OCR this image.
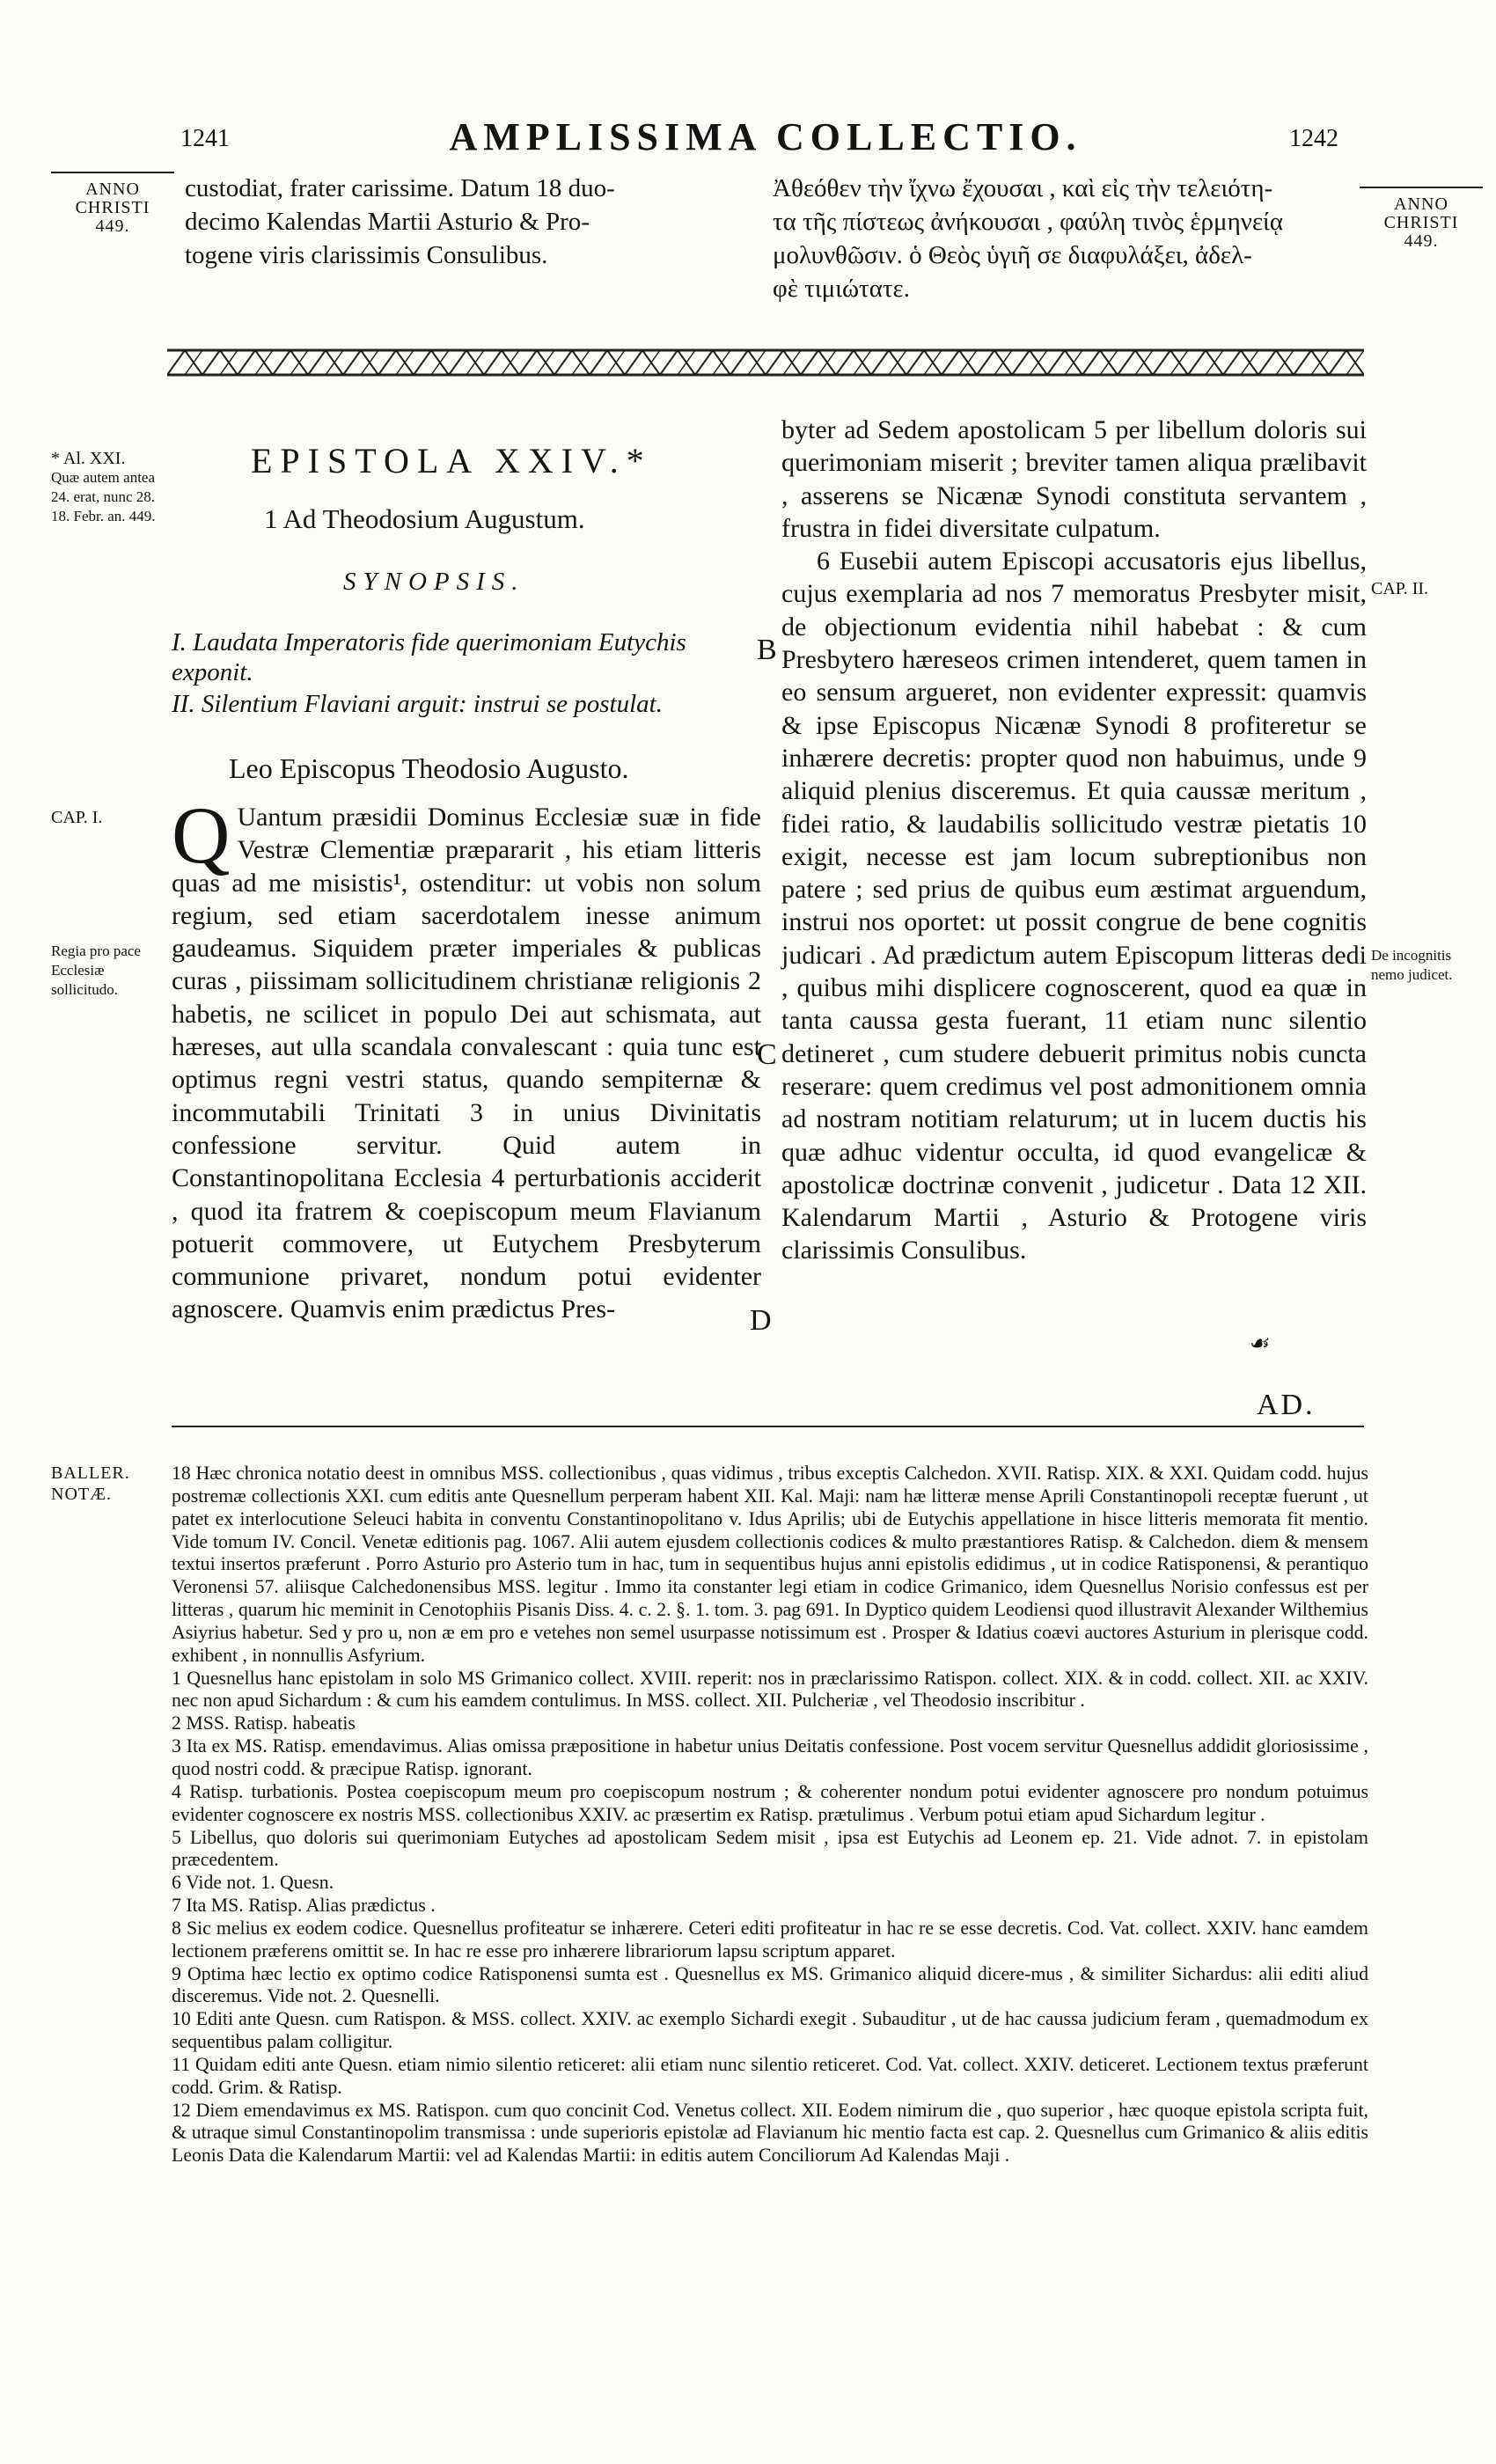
1241	AMPLISSIMA COLLECTIO.	1242
ANNO
CHRISTI
449.
ANNO
CHRISTI
449.
custodiat, frater carissime. Datum 18 duo-
decimo Kalendas Martii Asturio & Pro-
togene viris clarissimis Consulibus.
Ἀθεόθεν τὴν ἴχνω ἔχουσαι , καὶ εἰς τὴν τελειότη-
τα τῆς πίστεως ἀνήκουσαι , φαύλη τινὸς ἑρμηνείᾳ
μολυνθῶσιν. ὁ Θεὸς ὑγιῆ σε διαφυλάξει, ἀδελ-
φὲ τιμιώτατε.
EPISTOLA XXIV.*
1 Ad Theodosium Augustum.
SYNOPSIS.
I. Laudata Imperatoris fide querimoniam Eutychis exponit.
II. Silentium Flaviani arguit: instrui se postulat.
Leo Episcopus Theodosio Augusto.
Q Uantum præsidii Dominus Ecclesiæ suæ in fide Vestræ Clementiæ præpararit , his etiam litteris quas ad me misistis¹, ostenditur: ut vobis non solum regium, sed etiam sacerdotalem inesse animum gaudeamus. Siquidem præter imperiales & publicas curas , piissimam sollicitudinem christianæ religionis 2 habetis, ne scilicet in populo Dei aut schismata, aut hæreses, aut ulla scandala convalescant : quia tunc est optimus regni vestri status, quando sempiternæ & incommutabili Trinitati 3 in unius Divinitatis confessione servitur. Quid autem in Constantinopolitana Ecclesia 4 perturbationis acciderit , quod ita fratrem & coepiscopum meum Flavianum potuerit commovere, ut Eutychem Presbyterum communione privaret, nondum potui evidenter agnoscere. Quamvis enim prædictus Pres-

byter ad Sedem apostolicam 5 per libellum doloris sui querimoniam miserit ; breviter tamen aliqua prælibavit , asserens se Nicænæ Synodi constituta servantem , frustra in fidei diversitate culpatum.

6 Eusebii autem Episcopi accusatoris ejus libellus, cujus exemplaria ad nos 7 memoratus Presbyter misit, de objectionum evidentia nihil habebat : & cum Presbytero hæreseos crimen intenderet, quem tamen in eo sensum argueret, non evidenter expressit: quamvis & ipse Episcopus Nicænæ Synodi 8 profiteretur se inhærere decretis: propter quod non habuimus, unde 9 aliquid plenius disceremus. Et quia caussæ meritum , fidei ratio, & laudabilis sollicitudo vestræ pietatis 10 exigit, necesse est jam locum subreptionibus non patere ; sed prius de quibus eum æstimat arguendum, instrui nos oportet: ut possit congrue de bene cognitis judicari . Ad prædictum autem Episcopum litteras dedi , quibus mihi displicere cognoscerent, quod ea quæ in tanta caussa gesta fuerant, 11 etiam nunc silentio detineret , cum studere debuerit primitus nobis cuncta reserare: quem credimus vel post admonitionem omnia ad nostram notitiam relaturum; ut in lucem ductis his quæ adhuc videntur occulta, id quod evangelicæ & apostolicæ doctrinæ convenit , judicetur . Data 12 XII. Kalendarum Martii , Asturio & Protogene viris clarissimis Consulibus.

* Al. XXI.
Quæ autem antea 24. erat, nunc 28. 18. Febr. an. 449.
CAP. I.
Regia pro pace Ecclesiæ sollicitudo.
CAP. II.
De incognitis nemo judicet.
B
C
D
☙
AD.
BALLER.
NOTÆ.

18 Hæc chronica notatio deest in omnibus MSS. collectionibus , quas vidimus , tribus exceptis Calchedon. XVII. Ratisp. XIX. & XXI. Quidam codd. hujus postremæ collectionis XXI. cum editis ante Quesnellum perperam habent XII. Kal. Maji: nam hæ litteræ mense Aprili Constantinopoli receptæ fuerunt , ut patet ex interlocutione Seleuci habita in conventu Constantinopolitano v. Idus Aprilis; ubi de Eutychis appellatione in hisce litteris memorata fit mentio. Vide tomum IV. Concil. Venetæ editionis pag. 1067. Alii autem ejusdem collectionis codices & multo præstantiores Ratisp. & Calchedon. diem & mensem textui insertos præferunt . Porro Asturio pro Asterio tum in hac, tum in sequentibus hujus anni epistolis edidimus , ut in codice Ratisponensi, & perantiquo Veronensi 57. aliisque Calchedonensibus MSS. legitur . Immo ita constanter legi etiam in codice Grimanico, idem Quesnellus Norisio confessus est per litteras , quarum hic meminit in Cenotophiis Pisanis Diss. 4. c. 2. §. 1. tom. 3. pag 691. In Dyptico quidem Leodiensi quod illustravit Alexander Wilthemius Asiyrius habetur. Sed y pro u, non æ em pro e vetehes non semel usurpasse notissimum est . Prosper & Idatius coævi auctores Asturium in plerisque codd. exhibent , in nonnullis Asfyrium.

1 Quesnellus hanc epistolam in solo MS Grimanico collect. XVIII. reperit: nos in præclarissimo Ratispon. collect. XIX. & in codd. collect. XII. ac XXIV. nec non apud Sichardum : & cum his eamdem contulimus. In MSS. collect. XII. Pulcheriæ , vel Theodosio inscribitur .

2 MSS. Ratisp. habeatis

3 Ita ex MS. Ratisp. emendavimus. Alias omissa præpositione in habetur unius Deitatis confessione. Post vocem servitur Quesnellus addidit gloriosissime , quod nostri codd. & præcipue Ratisp. ignorant.

4 Ratisp. turbationis. Postea coepiscopum meum pro coepiscopum nostrum ; & coherenter nondum potui evidenter agnoscere pro nondum potuimus evidenter cognoscere ex nostris MSS. collectionibus XXIV. ac præsertim ex Ratisp. prætulimus . Verbum potui etiam apud Sichardum legitur .

5 Libellus, quo doloris sui querimoniam Eutyches ad apostolicam Sedem misit , ipsa est Eutychis ad Leonem ep. 21. Vide adnot. 7. in epistolam præcedentem.

6 Vide not. 1. Quesn.

7 Ita MS. Ratisp. Alias prædictus .

8 Sic melius ex eodem codice. Quesnellus profiteatur se inhærere. Ceteri editi profiteatur in hac re se esse decretis. Cod. Vat. collect. XXIV. hanc eamdem lectionem præferens omittit se. In hac re esse pro inhærere librariorum lapsu scriptum apparet.

9 Optima hæc lectio ex optimo codice Ratisponensi sumta est . Quesnellus ex MS. Grimanico aliquid dicere-mus , & similiter Sichardus: alii editi aliud disceremus. Vide not. 2. Quesnelli.

10 Editi ante Quesn. cum Ratispon. & MSS. collect. XXIV. ac exemplo Sichardi exegit . Subauditur , ut de hac caussa judicium feram , quemadmodum ex sequentibus palam colligitur.

11 Quidam editi ante Quesn. etiam nimio silentio reticeret: alii etiam nunc silentio reticeret. Cod. Vat. collect. XXIV. deticeret. Lectionem textus præferunt codd. Grim. & Ratisp.

12 Diem emendavimus ex MS. Ratispon. cum quo concinit Cod. Venetus collect. XII. Eodem nimirum die , quo superior , hæc quoque epistola scripta fuit, & utraque simul Constantinopolim transmissa : unde superioris epistolæ ad Flavianum hic mentio facta est cap. 2. Quesnellus cum Grimanico & aliis editis Leonis Data die Kalendarum Martii: vel ad Kalendas Martii: in editis autem Conciliorum Ad Kalendas Maji .
